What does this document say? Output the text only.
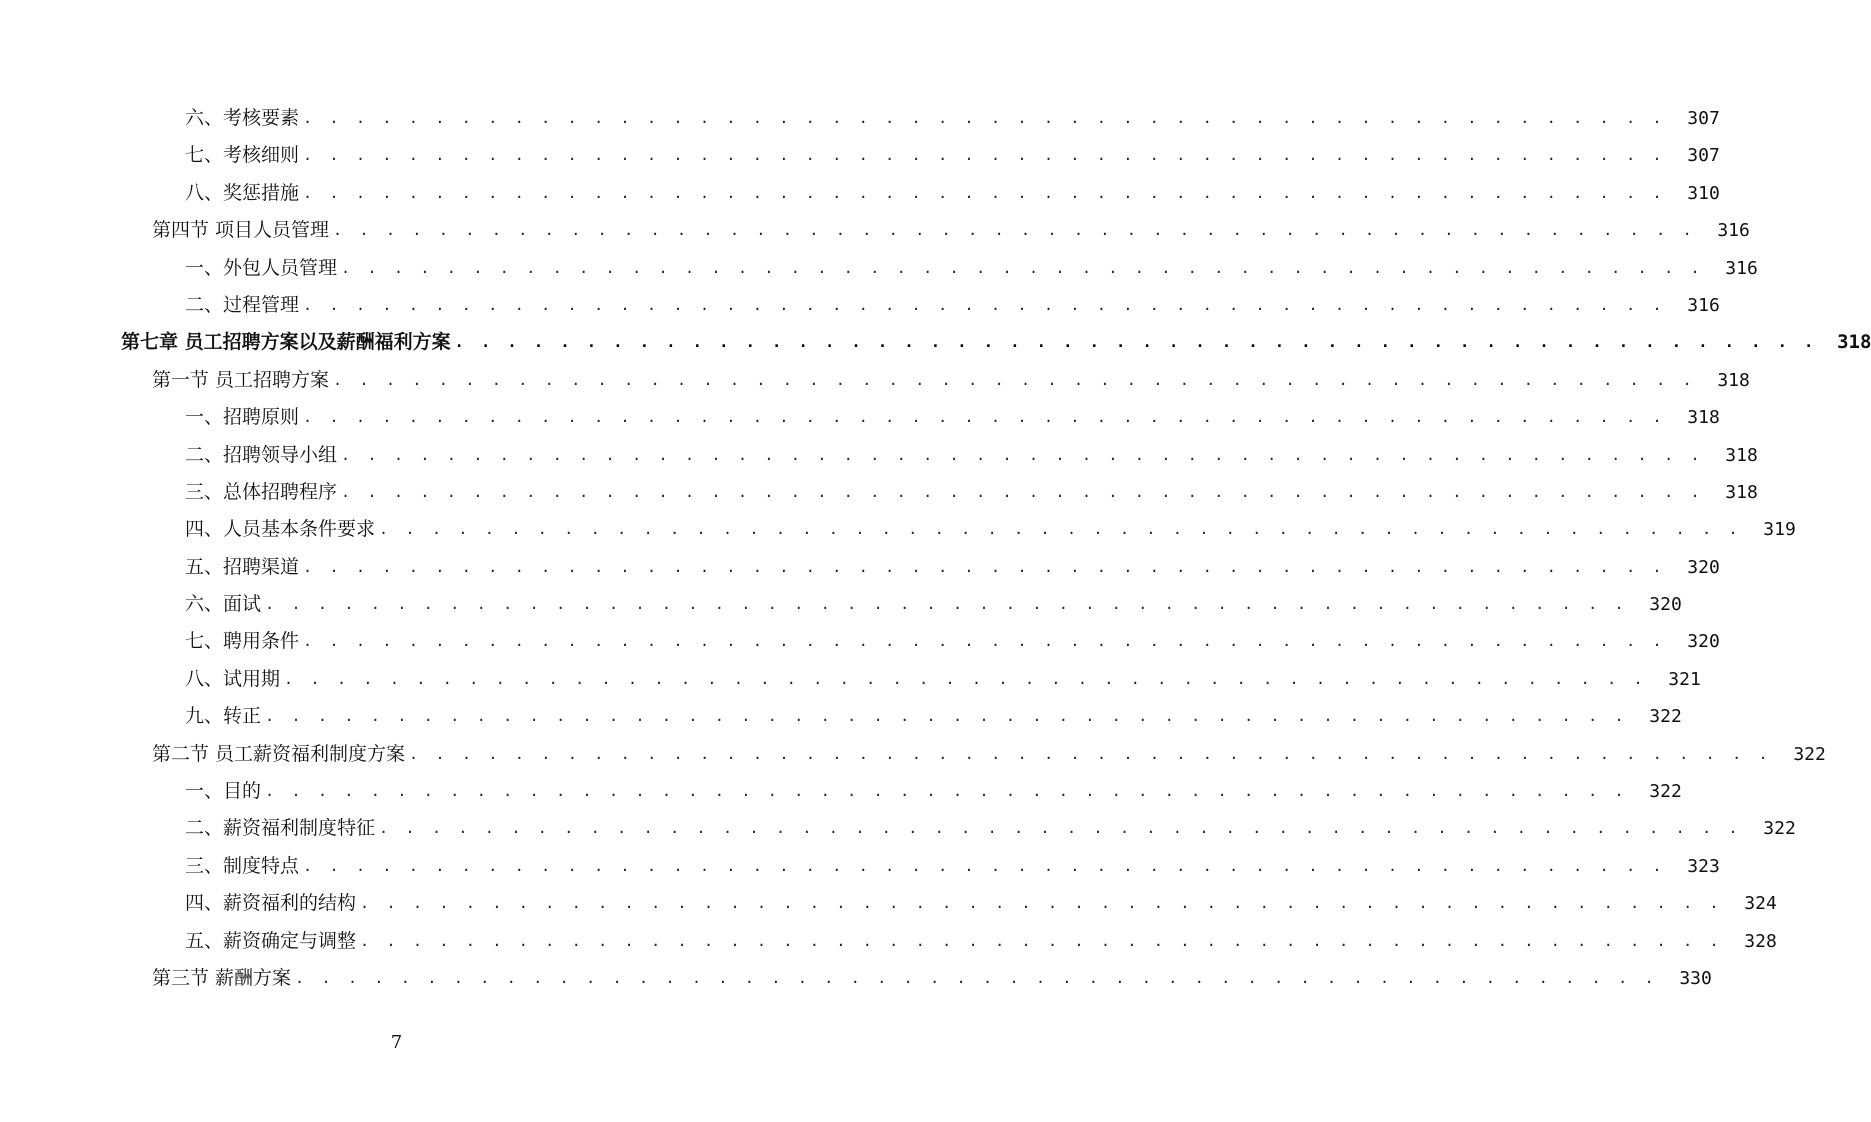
六、考核要素 . . . . . . . . . . . . . . . . . . . . . . . . . . . . . . . . . . . . . . . . . . . . . . . . . . . .	307
七、考核细则 . . . . . . . . . . . . . . . . . . . . . . . . . . . . . . . . . . . . . . . . . . . . . . . . . . . .	307
八、奖惩措施 . . . . . . . . . . . . . . . . . . . . . . . . . . . . . . . . . . . . . . . . . . . . . . . . . . . .	310
第四节 项目人员管理 . . . . . . . . . . . . . . . . . . . . . . . . . . . . . . . . . . . . . . . . . . . . . . . . . . . .	316
一、外包人员管理 . . . . . . . . . . . . . . . . . . . . . . . . . . . . . . . . . . . . . . . . . . . . . . . . . . . .	316
二、过程管理 . . . . . . . . . . . . . . . . . . . . . . . . . . . . . . . . . . . . . . . . . . . . . . . . . . . .	316
第七章 员工招聘方案以及薪酬福利方案 . . . . . . . . . . . . . . . . . . . . . . . . . . . . . . . . . . . . . . . . . . . . . . . . . . . .	318
第一节 员工招聘方案 . . . . . . . . . . . . . . . . . . . . . . . . . . . . . . . . . . . . . . . . . . . . . . . . . . . .	318
一、招聘原则 . . . . . . . . . . . . . . . . . . . . . . . . . . . . . . . . . . . . . . . . . . . . . . . . . . . .	318
二、招聘领导小组 . . . . . . . . . . . . . . . . . . . . . . . . . . . . . . . . . . . . . . . . . . . . . . . . . . . .	318
三、总体招聘程序 . . . . . . . . . . . . . . . . . . . . . . . . . . . . . . . . . . . . . . . . . . . . . . . . . . . .	318
四、人员基本条件要求 . . . . . . . . . . . . . . . . . . . . . . . . . . . . . . . . . . . . . . . . . . . . . . . . . . . .	319
五、招聘渠道 . . . . . . . . . . . . . . . . . . . . . . . . . . . . . . . . . . . . . . . . . . . . . . . . . . . .	320
六、面试 . . . . . . . . . . . . . . . . . . . . . . . . . . . . . . . . . . . . . . . . . . . . . . . . . . . .	320
七、聘用条件 . . . . . . . . . . . . . . . . . . . . . . . . . . . . . . . . . . . . . . . . . . . . . . . . . . . .	320
八、试用期 . . . . . . . . . . . . . . . . . . . . . . . . . . . . . . . . . . . . . . . . . . . . . . . . . . . .	321
九、转正 . . . . . . . . . . . . . . . . . . . . . . . . . . . . . . . . . . . . . . . . . . . . . . . . . . . .	322
第二节 员工薪资福利制度方案 . . . . . . . . . . . . . . . . . . . . . . . . . . . . . . . . . . . . . . . . . . . . . . . . . . . .	322
一、目的 . . . . . . . . . . . . . . . . . . . . . . . . . . . . . . . . . . . . . . . . . . . . . . . . . . . .	322
二、薪资福利制度特征 . . . . . . . . . . . . . . . . . . . . . . . . . . . . . . . . . . . . . . . . . . . . . . . . . . . .	322
三、制度特点 . . . . . . . . . . . . . . . . . . . . . . . . . . . . . . . . . . . . . . . . . . . . . . . . . . . .	323
四、薪资福利的结构 . . . . . . . . . . . . . . . . . . . . . . . . . . . . . . . . . . . . . . . . . . . . . . . . . . . .	324
五、薪资确定与调整 . . . . . . . . . . . . . . . . . . . . . . . . . . . . . . . . . . . . . . . . . . . . . . . . . . . .	328
第三节 薪酬方案 . . . . . . . . . . . . . . . . . . . . . . . . . . . . . . . . . . . . . . . . . . . . . . . . . . . .	330
7
